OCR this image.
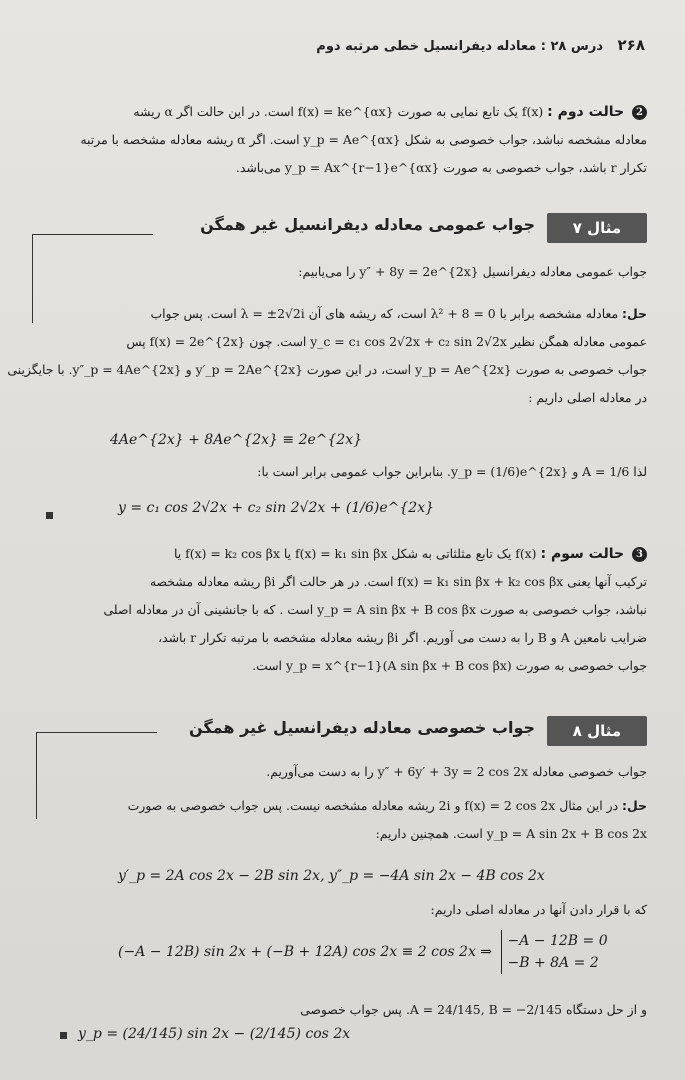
۲۶۸ درس ۲۸ : معادله دیفرانسیل خطی مرتبه دوم
2 حالت دوم : f(x) یک تابع نمایی به صورت f(x) = ke^{αx} است. در این حالت اگر α ریشه
معادله مشخصه نباشد، جواب خصوصی به شکل y_p = Ae^{αx} است. اگر α ریشه معادله مشخصه با مرتبه
تکرار r باشد، جواب خصوصی به صورت y_p = Ax^{r−1}e^{αx} می‌باشد.
مثال ۷
جواب عمومی معادله دیفرانسیل غیر همگن
جواب عمومی معادله دیفرانسیل y″ + 8y = 2e^{2x} را می‌یابیم:
حل: معادله مشخصه برابر با λ² + 8 = 0 است، که ریشه های آن λ = ±2√2i است. پس جواب
عمومی معادله همگن نظیر y_c = c₁ cos 2√2x + c₂ sin 2√2x است. چون f(x) = 2e^{2x} پس
جواب خصوصی به صورت y_p = Ae^{2x} است، در این صورت y′_p = 2Ae^{2x} و y″_p = 4Ae^{2x}. با جایگزینی
در معادله اصلی داریم :
4Ae^{2x} + 8Ae^{2x} ≡ 2e^{2x}
لذا A = 1/6 و y_p = (1/6)e^{2x}. بنابراین جواب عمومی برابر است با:
y = c₁ cos 2√2x + c₂ sin 2√2x + (1/6)e^{2x}
3 حالت سوم : f(x) یک تابع مثلثاتی به شکل f(x) = k₁ sin βx یا f(x) = k₂ cos βx یا
ترکیب آنها یعنی f(x) = k₁ sin βx + k₂ cos βx است. در هر حالت اگر βi ریشه معادله مشخصه
نباشد، جواب خصوصی به صورت y_p = A sin βx + B cos βx است . که با جانشینی آن در معادله اصلی
ضرایب نامعین A و B را به دست می آوریم. اگر βi ریشه معادله مشخصه با مرتبه تکرار r باشد،
جواب خصوصی به صورت y_p = x^{r−1}(A sin βx + B cos βx) است.
مثال ۸
جواب خصوصی معادله دیفرانسیل غیر همگن
جواب خصوصی معادله y″ + 6y′ + 3y = 2 cos 2x را به دست می‌آوریم.
حل: در این مثال f(x) = 2 cos 2x و 2i ریشه معادله مشخصه نیست. پس جواب خصوصی به صورت
y_p = A sin 2x + B cos 2x است. همچنین داریم:
y′_p = 2A cos 2x − 2B sin 2x, y″_p = −4A sin 2x − 4B cos 2x
که با قرار دادن آنها در معادله اصلی داریم:
(−A − 12B) sin 2x + (−B + 12A) cos 2x ≡ 2 cos 2x ⇒
−A − 12B = 0
−B + 8A = 2
و از حل دستگاه A = 24/145, B = −2/145. پس جواب خصوصی
y_p = (24/145) sin 2x − (2/145) cos 2x
